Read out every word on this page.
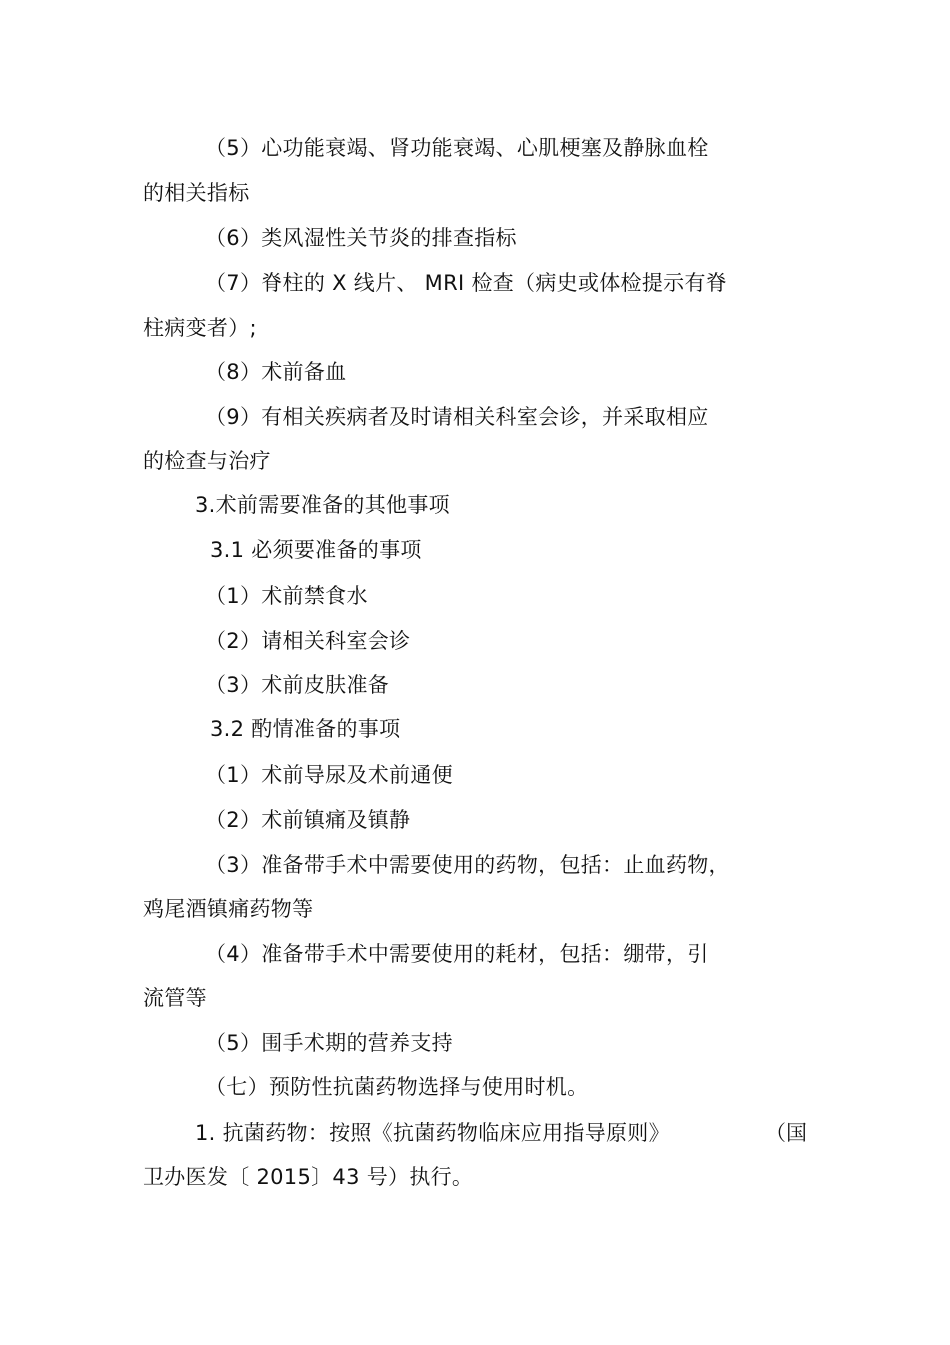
（5）心功能衰竭、肾功能衰竭、心肌梗塞及静脉血栓
的相关指标
（6）类风湿性关节炎的排查指标
（7）脊柱的 X 线片、 MRI 检查（病史或体检提示有脊
柱病变者）;
（8）术前备血
（9）有相关疾病者及时请相关科室会诊，并采取相应
的检查与治疗
3.术前需要准备的其他事项
3.1 必须要准备的事项
（1）术前禁食水
（2）请相关科室会诊
（3）术前皮肤准备
3.2 酌情准备的事项
（1）术前导尿及术前通便
（2）术前镇痛及镇静
（3）准备带手术中需要使用的药物，包括：止血药物，
鸡尾酒镇痛药物等
（4）准备带手术中需要使用的耗材，包括：绷带，引
流管等
（5）围手术期的营养支持
（七）预防性抗菌药物选择与使用时机。
1. 抗菌药物：按照《抗菌药物临床应用指导原则》	（国
卫办医发〔 2015〕43 号）执行。
